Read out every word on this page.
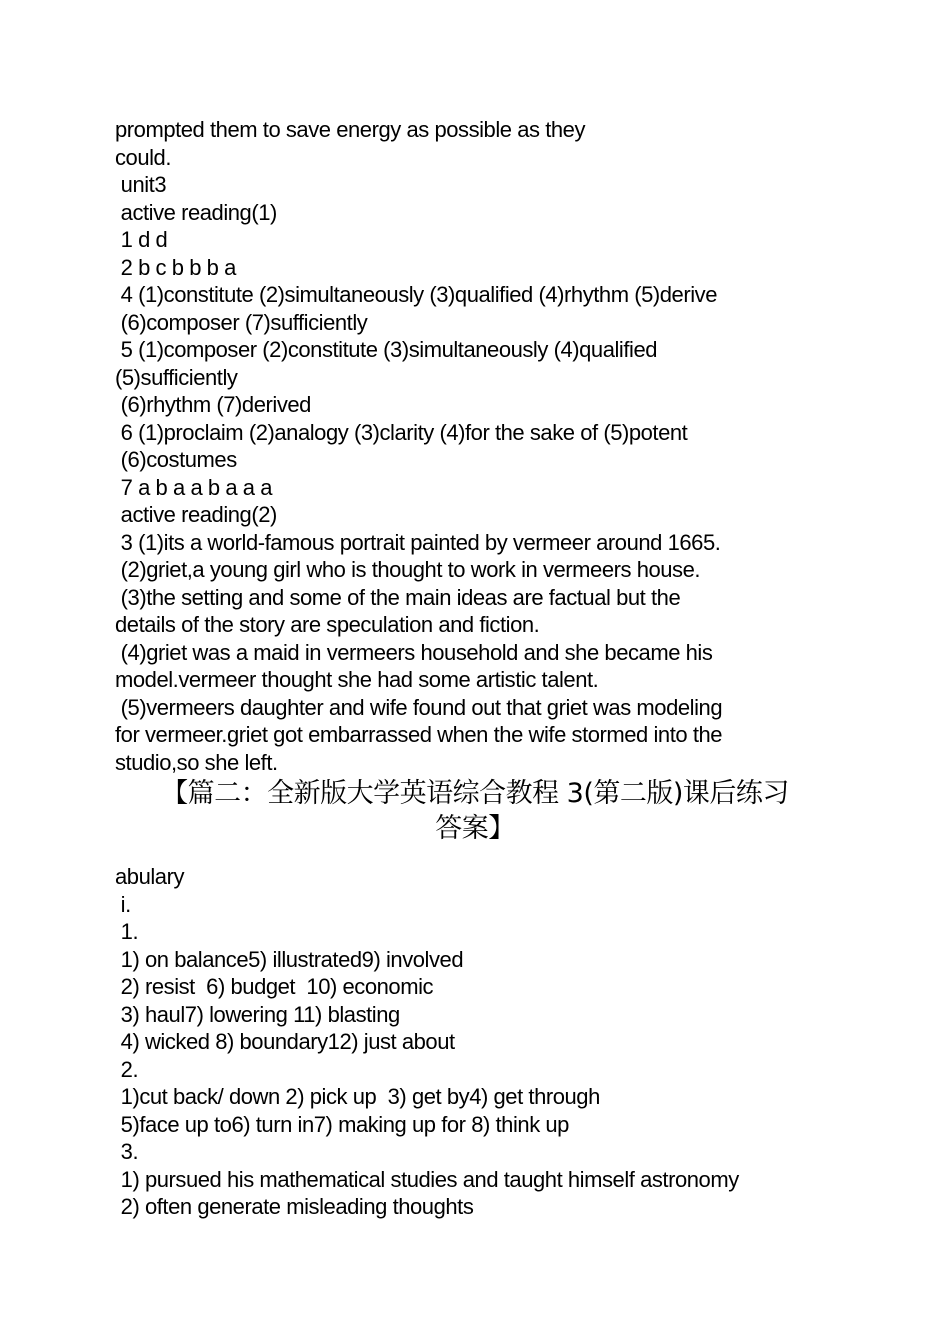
prompted them to save energy as possible as they
could.
unit3
active reading(1)
1 d d
2 b c b b b a
4 (1)constitute (2)simultaneously (3)qualified (4)rhythm (5)derive
(6)composer (7)sufficiently
5 (1)composer (2)constitute (3)simultaneously (4)qualified
(5)sufficiently
(6)rhythm (7)derived
6 (1)proclaim (2)analogy (3)clarity (4)for the sake of (5)potent
(6)costumes
7 a b a a b a a a
active reading(2)
3 (1)its a world-famous portrait painted by vermeer around 1665.
(2)griet,a young girl who is thought to work in vermeers house.
(3)the setting and some of the main ideas are factual but the
details of the story are speculation and fiction.
(4)griet was a maid in vermeers household and she became his
model.vermeer thought she had some artistic talent.
(5)vermeers daughter and wife found out that griet was modeling
for vermeer.griet got embarrassed when the wife stormed into the
studio,so she left.
【篇二：全新版大学英语综合教程 3(第二版)课后练习
答案】
abulary
i.
1.
1) on balance5) illustrated9) involved
2) resist  6) budget  10) economic
3) haul7) lowering 11) blasting
4) wicked 8) boundary12) just about
2.
1)cut back/ down 2) pick up  3) get by4) get through
5)face up to6) turn in7) making up for 8) think up
3.
1) pursued his mathematical studies and taught himself astronomy
2) often generate misleading thoughts
